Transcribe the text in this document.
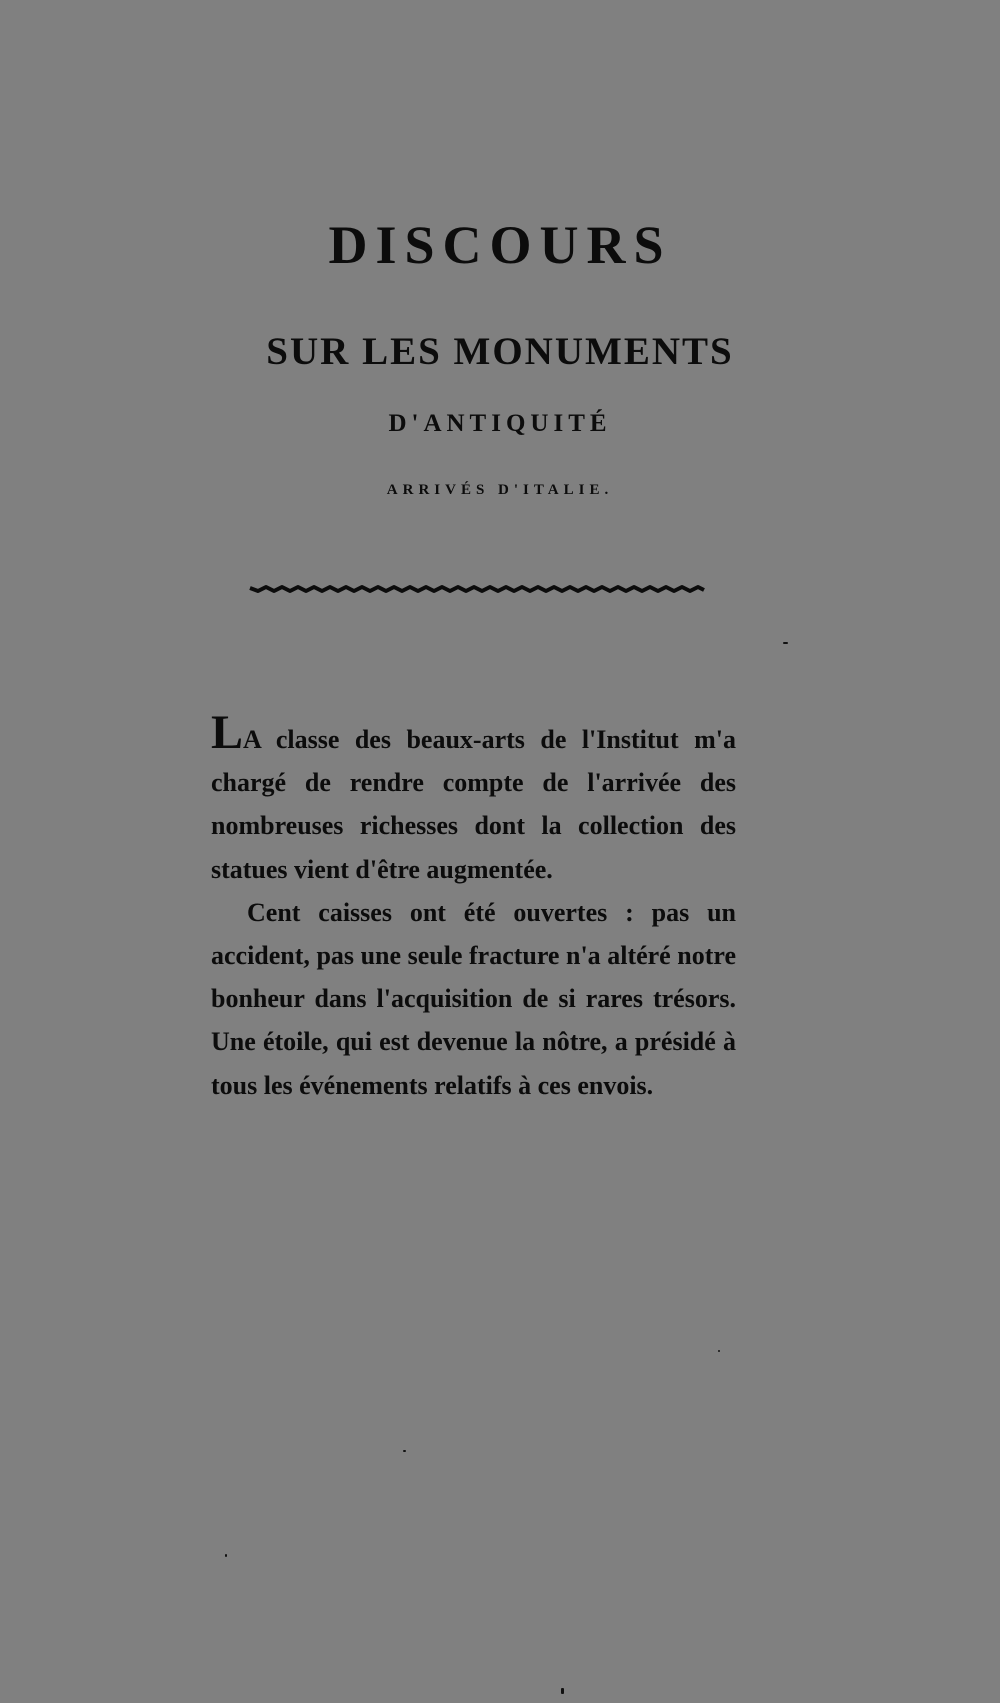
DISCOURS
SUR LES MONUMENTS
D'ANTIQUITÉ
ARRIVÉS D'ITALIE.

LA classe des beaux-arts de l'Institut m'a chargé de rendre compte de l'arrivée des nombreuses richesses dont la collection des statues vient d'être augmentée.

Cent caisses ont été ouvertes : pas un accident, pas une seule fracture n'a altéré notre bonheur dans l'acquisition de si rares trésors. Une étoile, qui est devenue la nôtre, a présidé à tous les événements relatifs à ces envois.
